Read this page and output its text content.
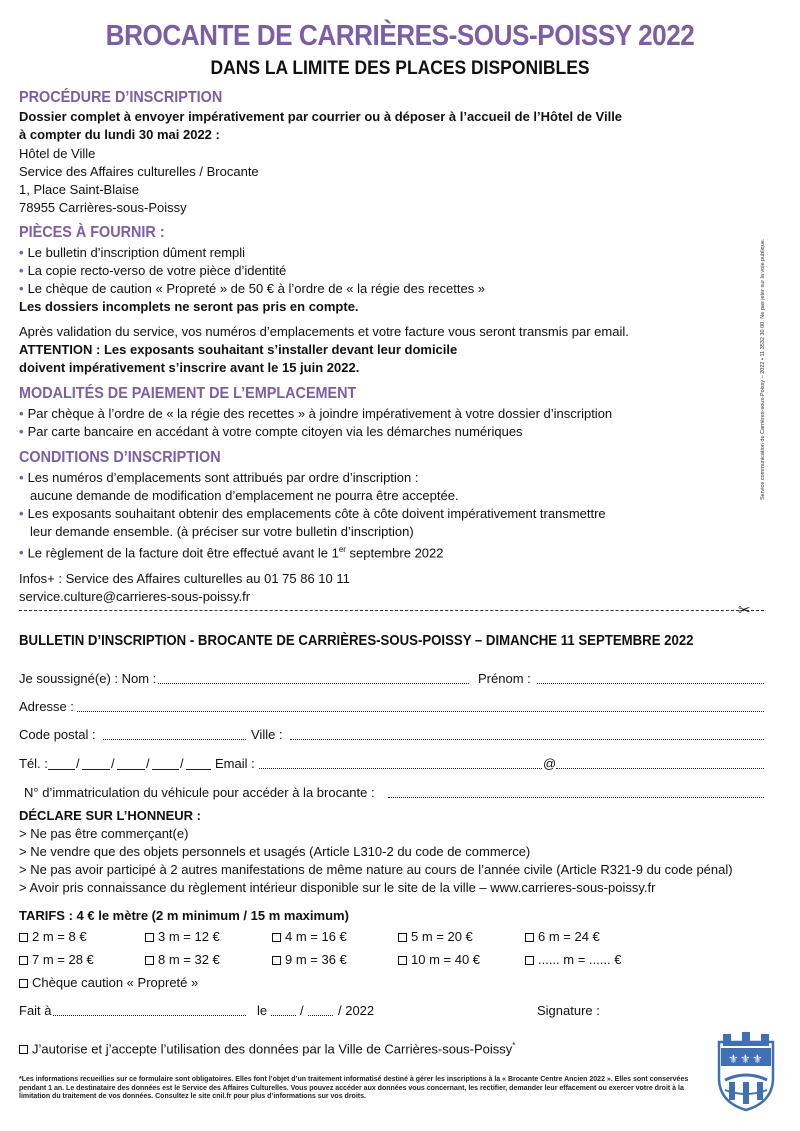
BROCANTE DE CARRIÈRES-SOUS-POISSY 2022
DANS LA LIMITE DES PLACES DISPONIBLES
PROCÉDURE D’INSCRIPTION
Dossier complet à envoyer impérativement par courrier ou à déposer à l’accueil de l’Hôtel de Ville
à compter du lundi 30 mai 2022 :
Hôtel de Ville
Service des Affaires culturelles / Brocante
1, Place Saint-Blaise
78955 Carrières-sous-Poissy
PIÈCES À FOURNIR :
• Le bulletin d’inscription dûment rempli
• La copie recto-verso de votre pièce d’identité
• Le chèque de caution « Propreté » de 50 € à l’ordre de « la régie des recettes »
Les dossiers incomplets ne seront pas pris en compte.
Après validation du service, vos numéros d’emplacements et votre facture vous seront transmis par email.
ATTENTION : Les exposants souhaitant s’installer devant leur domicile
doivent impérativement s’inscrire avant le 15 juin 2022.
MODALITÉS DE PAIEMENT DE L’EMPLACEMENT
• Par chèque à l’ordre de « la régie des recettes » à joindre impérativement à votre dossier d’inscription
• Par carte bancaire en accédant à votre compte citoyen via les démarches numériques
CONDITIONS D’INSCRIPTION
• Les numéros d’emplacements sont attribués par ordre d’inscription :
aucune demande de modification d’emplacement ne pourra être acceptée.
• Les exposants souhaitant obtenir des emplacements côte à côte doivent impérativement transmettre
leur demande ensemble. (à préciser sur votre bulletin d’inscription)
• Le règlement de la facture doit être effectué avant le 1er septembre 2022
Infos+ : Service des Affaires culturelles au 01 75 86 10 11
service.culture@carrieres-sous-poissy.fr
Service communication de Carrières-sous-Poissy – 2022 • 11 3532 30 00. Ne pas jeter sur la voie publique.
✂
BULLETIN D’INSCRIPTION - BROCANTE DE CARRIÈRES-SOUS-POISSY – DIMANCHE 11 SEPTEMBRE 2022
Je soussigné(e) : Nom :	Prénom :
Adresse :
Code postal :	Ville :
Tél. : / / / / Email :	@
N° d’immatriculation du véhicule pour accéder à la brocante :
DÉCLARE SUR L’HONNEUR :
> Ne pas être commerçant(e)
> Ne vendre que des objets personnels et usagés (Article L310-2 du code de commerce)
> Ne pas avoir participé à 2 autres manifestations de même nature au cours de l’année civile (Article R321-9 du code pénal)
> Avoir pris connaissance du règlement intérieur disponible sur le site de la ville – www.carrieres-sous-poissy.fr
TARIFS : 4 € le mètre (2 m minimum / 15 m maximum)
2 m = 8 €	3 m = 12 €	4 m = 16 €	5 m = 20 €	6 m = 24 €
7 m = 28 €	8 m = 32 €	9 m = 36 €	10 m = 40 €	...... m = ...... €
Chèque caution « Propreté »
Fait à	le	/	/ 2022	Signature :
J’autorise et j’accepte l’utilisation des données par la Ville de Carrières-sous-Poissy*
*Les informations recueillies sur ce formulaire sont obligatoires. Elles font l’objet d’un traitement informatisé destiné à gérer les inscriptions à la « Brocante Centre Ancien 2022 ». Elles sont conservées pendant 1 an. Le destinataire des données est le Service des Affaires Culturelles. Vous pouvez accéder aux données vous concernant, les rectifier, demander leur effacement ou exercer votre droit à la limitation du traitement de vos données. Consultez le site cnil.fr pour plus d’informations sur vos droits.
⚜ ⚜ ⚜
